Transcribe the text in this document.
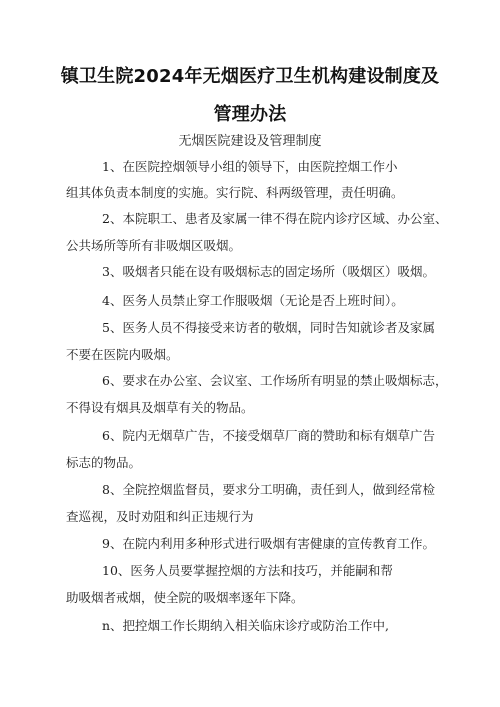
镇卫生院2024年无烟医疗卫生机构建设制度及
管理办法
无烟医院建设及管理制度
1、在医院控烟领导小组的领导下，由医院控烟工作小
组其体负责本制度的实施。实行院、科两级管理，责任明确。
2、本院职工、患者及家属一律不得在院内诊疗区域、办公室、
公共场所等所有非吸烟区吸烟。
3、吸烟者只能在设有吸烟标志的固定场所（吸烟区）吸烟。
4、医务人员禁止穿工作服吸烟（无论是否上班时间）。
5、医务人员不得接受来访者的敬烟，同时告知就诊者及家属
不要在医院内吸烟。
6、要求在办公室、会议室、工作场所有明显的禁止吸烟标志，
不得设有烟具及烟草有关的物品。
6、院内无烟草广告，不接受烟草厂商的赞助和标有烟草广告
标志的物品。
8、全院控烟监督员，要求分工明确，责任到人，做到经常检
查巡视，及时劝阻和纠正违规行为
9、在院内利用多种形式进行吸烟有害健康的宣传教育工作。
10、医务人员要掌握控烟的方法和技巧，并能嗣和帮
助吸烟者戒烟，使全院的吸烟率逐年下降。
n、把控烟工作长期纳入相关临床诊疗或防治工作中,
